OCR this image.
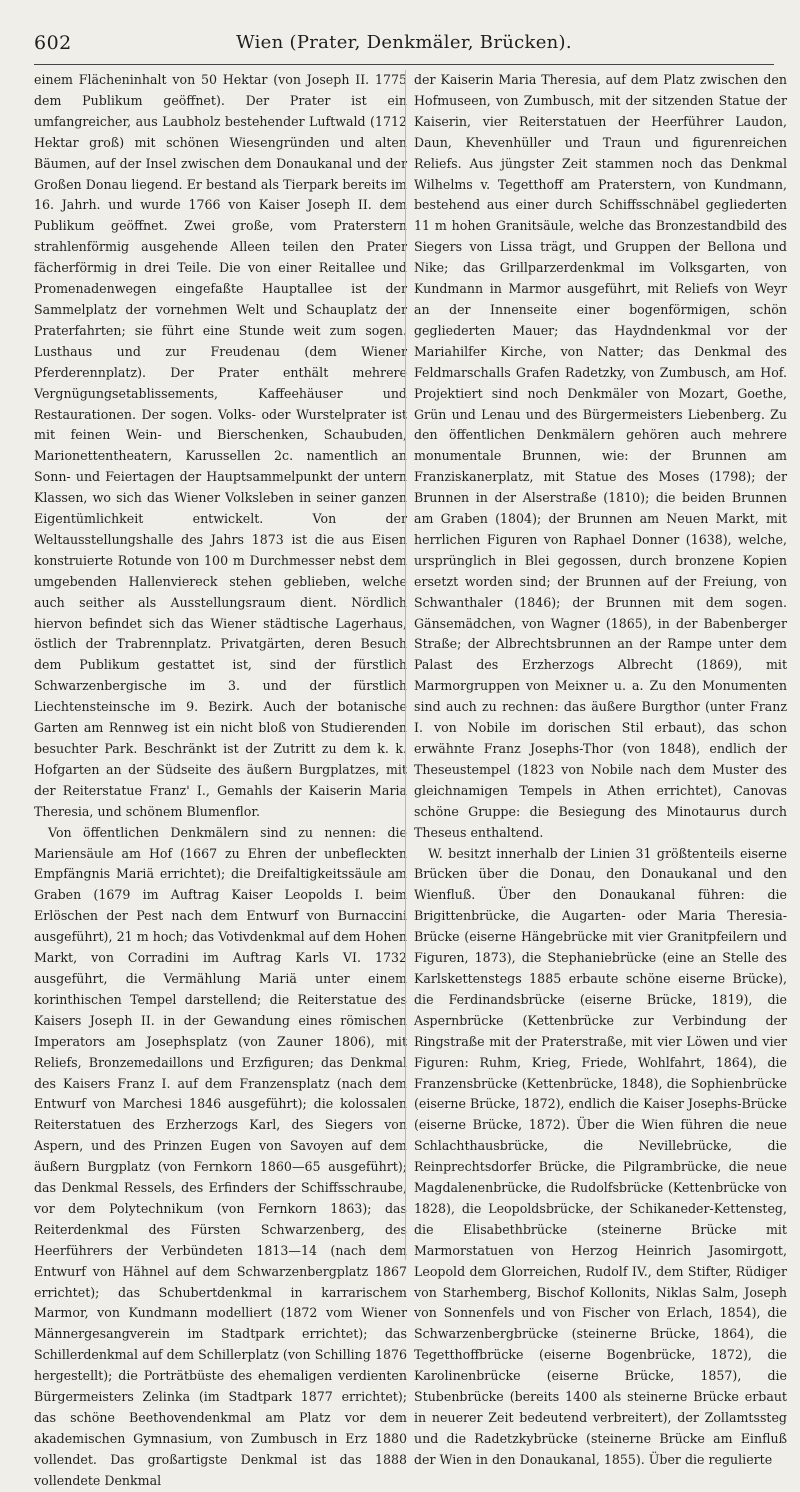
602	Wien (Prater, Denkmäler, Brücken).

einem Flächeninhalt von 50 Hektar (von Joseph II. 1775 dem Publikum geöffnet). Der Prater ist ein umfangreicher, aus Laubholz bestehender Luftwald (1712 Hektar groß) mit schönen Wiesengründen und alten Bäumen, auf der Insel zwischen dem Donaukanal und der Großen Donau liegend. Er bestand als Tierpark bereits im 16. Jahrh. und wurde 1766 von Kaiser Joseph II. dem Publikum geöffnet. Zwei große, vom Praterstern strahlenförmig ausgehende Alleen teilen den Prater fächerförmig in drei Teile. Die von einer Reitallee und Promenadenwegen eingefaßte Hauptallee ist der Sammelplatz der vornehmen Welt und Schauplatz der Praterfahrten; sie führt eine Stunde weit zum sogen. Lusthaus und zur Freudenau (dem Wiener Pferderennplatz). Der Prater enthält mehrere Vergnügungsetablissements, Kaffeehäuser und Restaurationen. Der sogen. Volks- oder Wurstelprater ist mit feinen Wein- und Bierschenken, Schaubuden, Marionettentheatern, Karussellen 2c. namentlich an Sonn- und Feiertagen der Hauptsammelpunkt der untern Klassen, wo sich das Wiener Volksleben in seiner ganzen Eigentümlichkeit entwickelt. Von der Weltausstellungshalle des Jahrs 1873 ist die aus Eisen konstruierte Rotunde von 100 m Durchmesser nebst dem umgebenden Hallenviereck stehen geblieben, welche auch seither als Ausstellungsraum dient. Nördlich hiervon befindet sich das Wiener städtische Lagerhaus, östlich der Trabrennplatz. Privatgärten, deren Besuch dem Publikum gestattet ist, sind der fürstlich Schwarzenbergische im 3. und der fürstlich Liechtensteinsche im 9. Bezirk. Auch der botanische Garten am Rennweg ist ein nicht bloß von Studierenden besuchter Park. Beschränkt ist der Zutritt zu dem k. k. Hofgarten an der Südseite des äußern Burgplatzes, mit der Reiterstatue Franz' I., Gemahls der Kaiserin Maria Theresia, und schönem Blumenflor.

Von öffentlichen Denkmälern sind zu nennen: die Mariensäule am Hof (1667 zu Ehren der unbefleckten Empfängnis Mariä errichtet); die Dreifaltigkeitssäule am Graben (1679 im Auftrag Kaiser Leopolds I. beim Erlöschen der Pest nach dem Entwurf von Burnaccini ausgeführt), 21 m hoch; das Votivdenkmal auf dem Hohen Markt, von Corradini im Auftrag Karls VI. 1732 ausgeführt, die Vermählung Mariä unter einem korinthischen Tempel darstellend; die Reiterstatue des Kaisers Joseph II. in der Gewandung eines römischen Imperators am Josephsplatz (von Zauner 1806), mit Reliefs, Bronzemedaillons und Erzfiguren; das Denkmal des Kaisers Franz I. auf dem Franzensplatz (nach dem Entwurf von Marchesi 1846 ausgeführt); die kolossalen Reiterstatuen des Erzherzogs Karl, des Siegers von Aspern, und des Prinzen Eugen von Savoyen auf dem äußern Burgplatz (von Fernkorn 1860—65 ausgeführt); das Denkmal Ressels, des Erfinders der Schiffsschraube, vor dem Polytechnikum (von Fernkorn 1863); das Reiterdenkmal des Fürsten Schwarzenberg, des Heerführers der Verbündeten 1813—14 (nach dem Entwurf von Hähnel auf dem Schwarzenbergplatz 1867 errichtet); das Schubertdenkmal in karrarischem Marmor, von Kundmann modelliert (1872 vom Wiener Männergesangverein im Stadtpark errichtet); das Schillerdenkmal auf dem Schillerplatz (von Schilling 1876 hergestellt); die Porträtbüste des ehemaligen verdienten Bürgermeisters Zelinka (im Stadtpark 1877 errichtet); das schöne Beethovendenkmal am Platz vor dem akademischen Gymnasium, von Zumbusch in Erz 1880 vollendet. Das großartigste Denkmal ist das 1888 vollendete Denkmal

der Kaiserin Maria Theresia, auf dem Platz zwischen den Hofmuseen, von Zumbusch, mit der sitzenden Statue der Kaiserin, vier Reiterstatuen der Heerführer Laudon, Daun, Khevenhüller und Traun und figurenreichen Reliefs. Aus jüngster Zeit stammen noch das Denkmal Wilhelms v. Tegetthoff am Praterstern, von Kundmann, bestehend aus einer durch Schiffsschnäbel gegliederten 11 m hohen Granitsäule, welche das Bronzestandbild des Siegers von Lissa trägt, und Gruppen der Bellona und Nike; das Grillparzerdenkmal im Volksgarten, von Kundmann in Marmor ausgeführt, mit Reliefs von Weyr an der Innenseite einer bogenförmigen, schön gegliederten Mauer; das Haydndenkmal vor der Mariahilfer Kirche, von Natter; das Denkmal des Feldmarschalls Grafen Radetzky, von Zumbusch, am Hof. Projektiert sind noch Denkmäler von Mozart, Goethe, Grün und Lenau und des Bürgermeisters Liebenberg. Zu den öffentlichen Denkmälern gehören auch mehrere monumentale Brunnen, wie: der Brunnen am Franziskanerplatz, mit Statue des Moses (1798); der Brunnen in der Alserstraße (1810); die beiden Brunnen am Graben (1804); der Brunnen am Neuen Markt, mit herrlichen Figuren von Raphael Donner (1638), welche, ursprünglich in Blei gegossen, durch bronzene Kopien ersetzt worden sind; der Brunnen auf der Freiung, von Schwanthaler (1846); der Brunnen mit dem sogen. Gänsemädchen, von Wagner (1865), in der Babenberger Straße; der Albrechtsbrunnen an der Rampe unter dem Palast des Erzherzogs Albrecht (1869), mit Marmorgruppen von Meixner u. a. Zu den Monumenten sind auch zu rechnen: das äußere Burgthor (unter Franz I. von Nobile im dorischen Stil erbaut), das schon erwähnte Franz Josephs-Thor (von 1848), endlich der Theseustempel (1823 von Nobile nach dem Muster des gleichnamigen Tempels in Athen errichtet), Canovas schöne Gruppe: die Besiegung des Minotaurus durch Theseus enthaltend.

W. besitzt innerhalb der Linien 31 größtenteils eiserne Brücken über die Donau, den Donaukanal und den Wienfluß. Über den Donaukanal führen: die Brigittenbrücke, die Augarten- oder Maria Theresia-Brücke (eiserne Hängebrücke mit vier Granitpfeilern und Figuren, 1873), die Stephaniebrücke (eine an Stelle des Karlskettenstegs 1885 erbaute schöne eiserne Brücke), die Ferdinandsbrücke (eiserne Brücke, 1819), die Aspernbrücke (Kettenbrücke zur Verbindung der Ringstraße mit der Praterstraße, mit vier Löwen und vier Figuren: Ruhm, Krieg, Friede, Wohlfahrt, 1864), die Franzensbrücke (Kettenbrücke, 1848), die Sophienbrücke (eiserne Brücke, 1872), endlich die Kaiser Josephs-Brücke (eiserne Brücke, 1872). Über die Wien führen die neue Schlachthausbrücke, die Nevillebrücke, die Reinprechtsdorfer Brücke, die Pilgrambrücke, die neue Magdalenenbrücke, die Rudolfsbrücke (Kettenbrücke von 1828), die Leopoldsbrücke, der Schikaneder-Kettensteg, die Elisabethbrücke (steinerne Brücke mit Marmorstatuen von Herzog Heinrich Jasomirgott, Leopold dem Glorreichen, Rudolf IV., dem Stifter, Rüdiger von Starhemberg, Bischof Kollonits, Niklas Salm, Joseph von Sonnenfels und von Fischer von Erlach, 1854), die Schwarzenbergbrücke (steinerne Brücke, 1864), die Tegetthoffbrücke (eiserne Bogenbrücke, 1872), die Karolinenbrücke (eiserne Brücke, 1857), die Stubenbrücke (bereits 1400 als steinerne Brücke erbaut in neuerer Zeit bedeutend verbreitert), der Zollamtssteg und die Radetzkybrücke (steinerne Brücke am Einfluß der Wien in den Donaukanal, 1855). Über die regulierte
